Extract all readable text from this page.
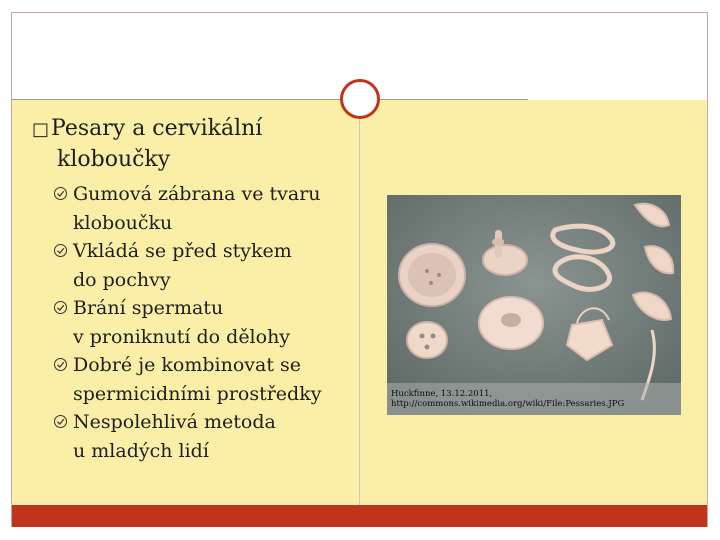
□Pesary a cervikální
kloboučky
Gumová zábrana ve tvaru
kloboučku
Vkládá se před stykem
do pochvy
Brání spermatu
v proniknutí do dělohy
Dobré je kombinovat se
spermicidními prostředky
Nespolehlivá metoda
u mladých lidí
Huckfinne, 13.12.2011,
http://commons.wikimedia.org/wiki/File:Pessaries.JPG
